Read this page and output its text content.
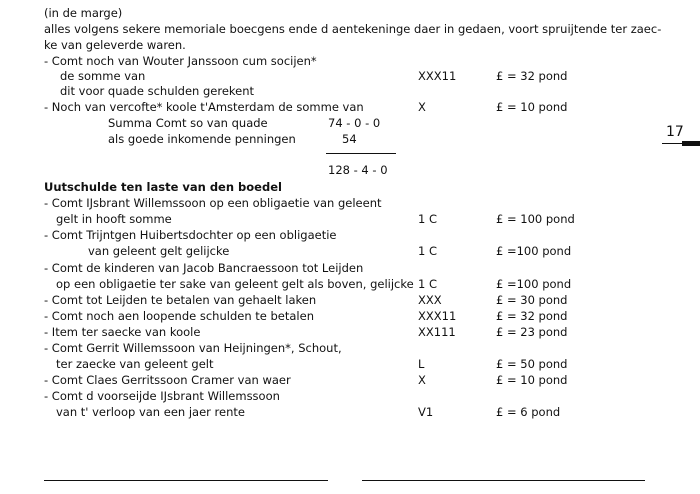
(in de marge)
alles volgens sekere memoriale boecgens ende d aentekeninge daer in gedaen, voort spruijtende ter zaec-
ke van geleverde waren.
- Comt noch van Wouter Janssoon cum socijen*
de somme van	XXX11	£ = 32 pond
dit voor quade schulden gerekent
- Noch van vercofte* koole t'Amsterdam de somme van	X	£ = 10 pond
Summa Comt so van quade	74 - 0 - 0
als goede inkomende penningen	54
128 - 4 - 0
17
Uutschulde ten laste van den boedel
- Comt IJsbrant Willemssoon op een obligaetie van geleent
gelt in hooft somme	1 C	£ = 100 pond
- Comt Trijntgen Huibertsdochter op een obligaetie
van geleent gelt gelijcke	1 C	£ =100 pond
- Comt de kinderen van Jacob Bancraessoon tot Leijden
op een obligaetie ter sake van geleent gelt als boven, gelijcke 1 C	£ =100 pond
- Comt tot Leijden te betalen van gehaelt laken	XXX	£ = 30 pond
- Comt noch aen loopende schulden te betalen	XXX11	£ = 32 pond
- Item ter saecke van koole	XX111	£ = 23 pond
- Comt Gerrit Willemssoon van Heijningen*, Schout,
ter zaecke van geleent gelt	L	£ = 50 pond
- Comt Claes Gerritssoon Cramer van waer	X	£ = 10 pond
- Comt d voorseijde IJsbrant Willemssoon
van t' verloop van een jaer rente	V1	£ = 6 pond
